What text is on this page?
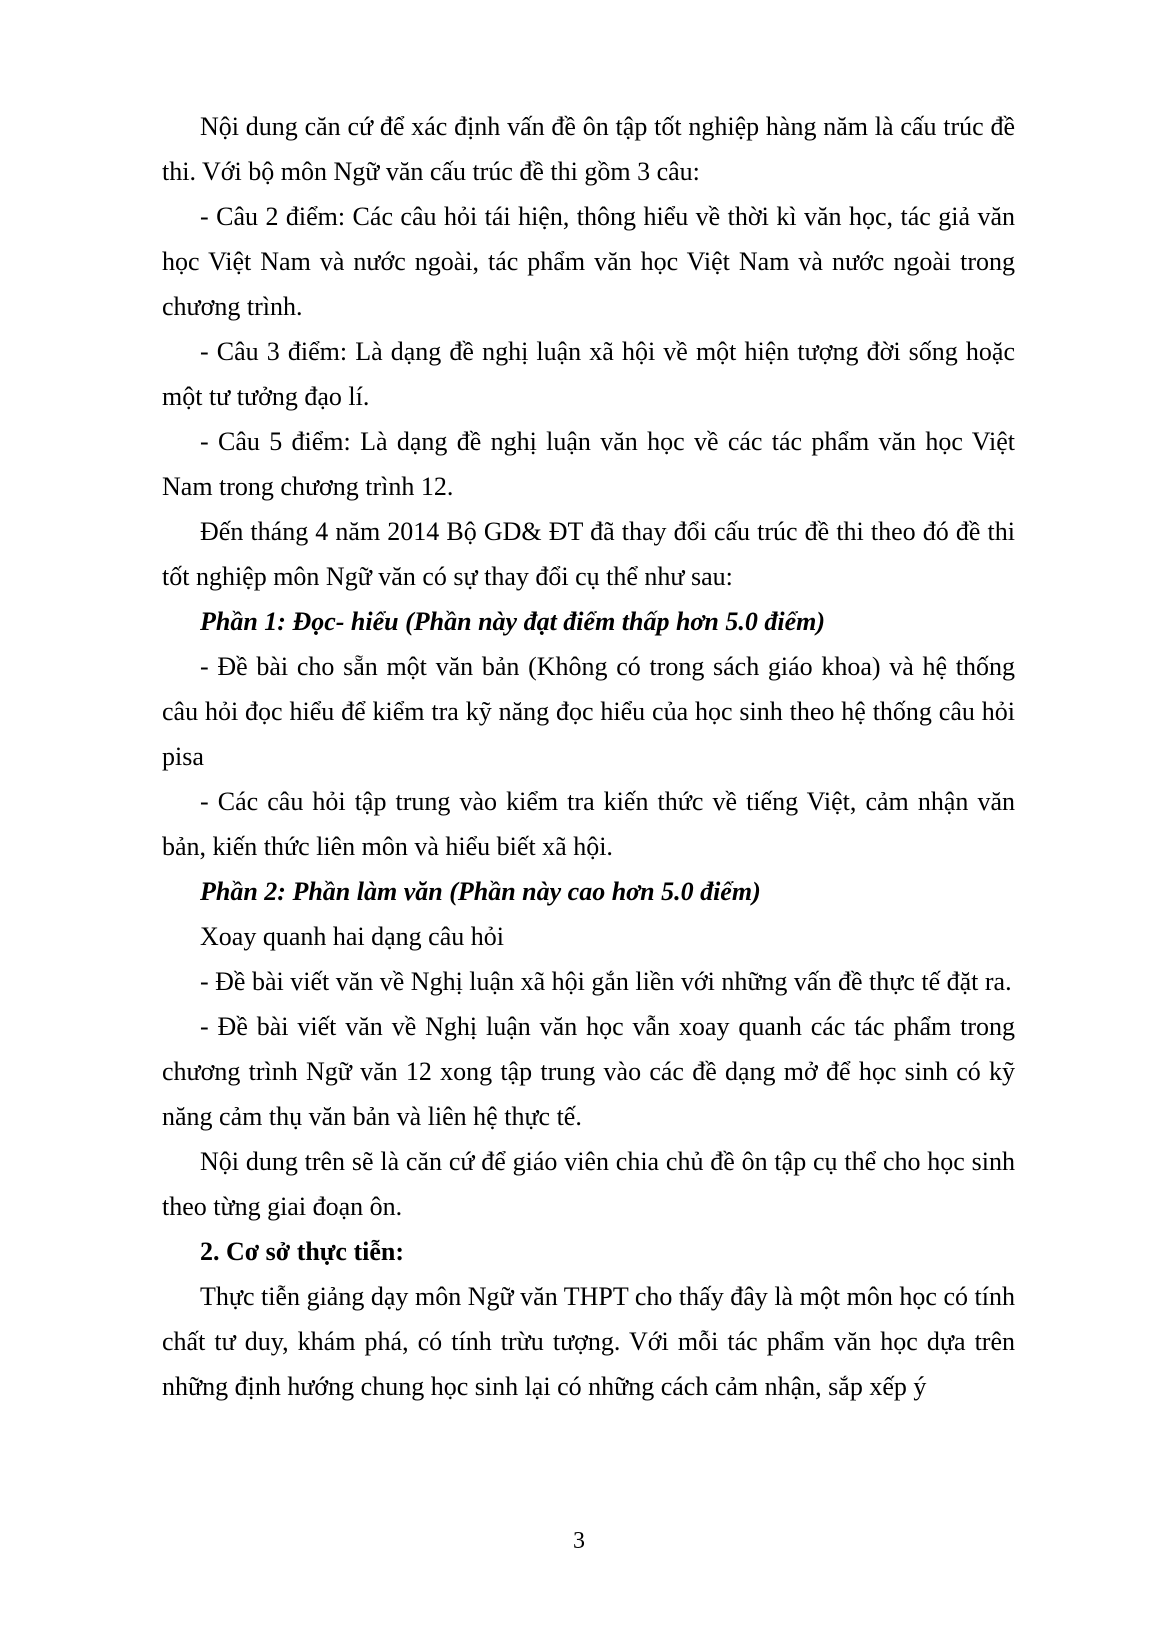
Nội dung căn cứ để xác định vấn đề ôn tập tốt nghiệp hàng năm là cấu trúc đề thi. Với bộ môn Ngữ văn cấu trúc đề thi gồm 3 câu:

- Câu 2 điểm: Các câu hỏi tái hiện, thông hiểu về thời kì văn học, tác giả văn học Việt Nam và nước ngoài, tác phẩm văn học Việt Nam và nước ngoài trong chương trình.

- Câu 3 điểm: Là dạng đề nghị luận xã hội về một hiện tượng đời sống hoặc một tư tưởng đạo lí.

- Câu 5 điểm: Là dạng đề nghị luận văn học về các tác phẩm văn học Việt Nam trong chương trình 12.

Đến tháng 4 năm 2014 Bộ GD& ĐT đã thay đổi cấu trúc đề thi theo đó đề thi tốt nghiệp môn Ngữ văn có sự thay đổi cụ thể như sau:

Phần 1: Đọc- hiểu (Phần này đạt điểm thấp hơn 5.0 điểm)

- Đề bài cho sẵn một văn bản (Không có trong sách giáo khoa) và hệ thống câu hỏi đọc hiểu để kiểm tra kỹ năng đọc hiểu của học sinh theo hệ thống câu hỏi pisa

- Các câu hỏi tập trung vào kiểm tra kiến thức về tiếng Việt, cảm nhận văn bản, kiến thức liên môn và hiểu biết xã hội.

Phần 2: Phần làm văn (Phần này cao hơn 5.0 điểm)

Xoay quanh hai dạng câu hỏi

- Đề bài viết văn về Nghị luận xã hội gắn liền với những vấn đề thực tế đặt ra.

- Đề bài viết văn về Nghị luận văn học vẫn xoay quanh các tác phẩm trong chương trình Ngữ văn 12 xong tập trung vào các đề dạng mở để học sinh có kỹ năng cảm thụ văn bản và liên hệ thực tế.

Nội dung trên sẽ là căn cứ để giáo viên chia chủ đề ôn tập cụ thể cho học sinh theo từng giai đoạn ôn.

2. Cơ sở thực tiễn:

Thực tiễn giảng dạy môn Ngữ văn THPT cho thấy đây là một môn học có tính chất tư duy, khám phá, có tính trừu tượng. Với mỗi tác phẩm văn học dựa trên những định hướng chung học sinh lại có những cách cảm nhận, sắp xếp ý

3
